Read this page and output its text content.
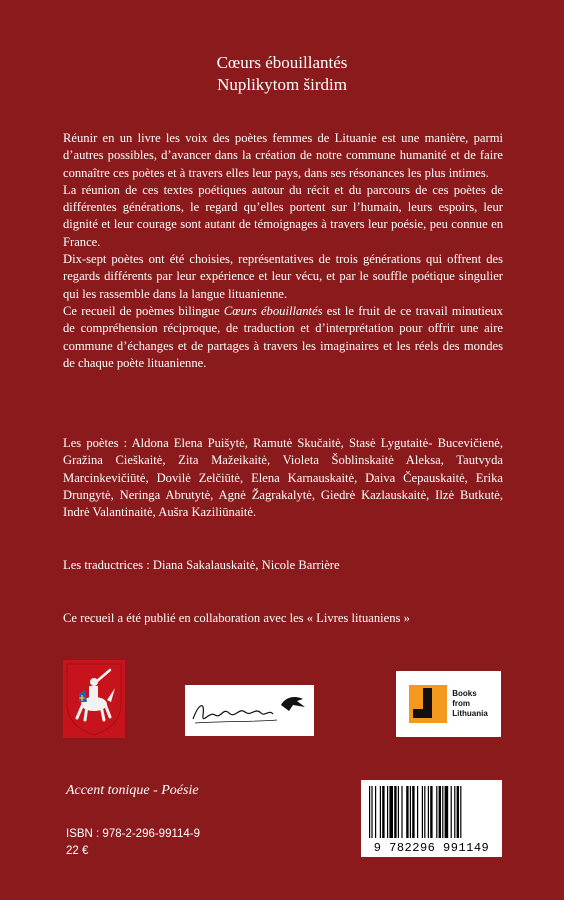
Cœurs ébouillantés
Nuplikytom širdim

Réunir en un livre les voix des poètes femmes de Lituanie est une manière, parmi d’autres possibles, d’avancer dans la création de notre commune humanité et de faire connaître ces poètes et à travers elles leur pays, dans ses résonances les plus intimes.

La réunion de ces textes poétiques autour du récit et du parcours de ces poètes de différentes générations, le regard qu’elles portent sur l’humain, leurs espoirs, leur dignité et leur courage sont autant de témoignages à travers leur poésie, peu connue en France.

Dix-sept poètes ont été choisies, représentatives de trois générations qui offrent des regards différents par leur expérience et leur vécu, et par le souffle poétique singulier qui les rassemble dans la langue lituanienne.

Ce recueil de poèmes bilingue Cœurs ébouillantés est le fruit de ce travail minutieux de compréhension réciproque, de traduction et d’interprétation pour offrir une aire commune d’échanges et de partages à travers les imaginaires et les réels des mondes de chaque poète lituanienne.

Les poètes : Aldona Elena Puišytė, Ramutė Skučaitė, Stasė Lygutaitė- Bucevičienė, Gražina Cieškaitė, Zita Mažeikaitė, Violeta Šoblinskaitė Aleksa, Tautvyda Marcinkevičiūtė, Dovilė Zelčiūtė, Elena Karnauskaitė, Daiva Čepauskaitė, Erika Drungytė, Neringa Abrutytė, Agnė Žagrakalytė, Giedrė Kazlauskaitė, Ilzė Butkutė, Indrė Valantinaitė, Aušra Kaziliūnaitė.
Les traductrices : Diana Sakalauskaitė, Nicole Barrière
Ce recueil a été publié en collaboration avec les « Livres lituaniens »
Books
from
Lithuania
Accent tonique - Poésie
ISBN : 978-2-296-99114-9
22 €	9 782296 991149
